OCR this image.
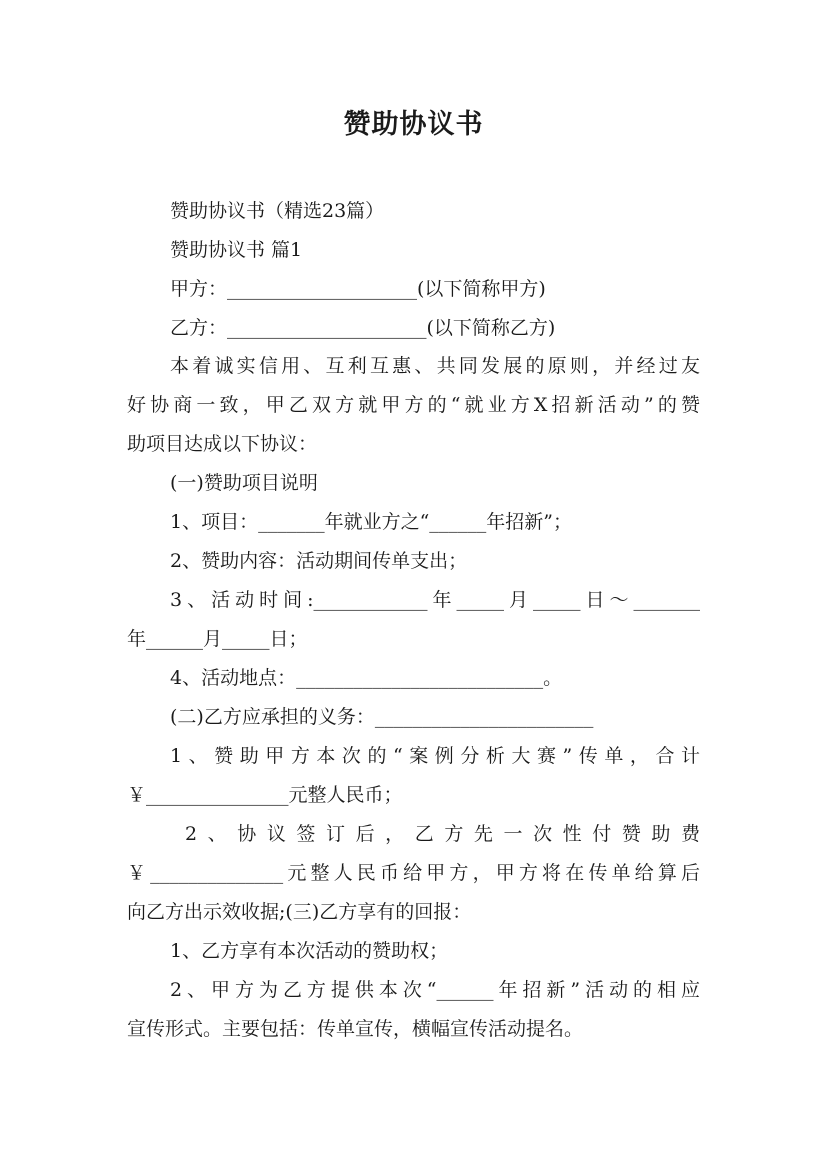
赞助协议书

赞助协议书（精选23篇）

赞助协议书 篇1

甲方：____________________(以下简称甲方)

乙方：_____________________(以下简称乙方)

本着诚实信用、互利互惠、共同发展的原则，并经过友

好协商一致，甲乙双方就甲方的“就业方X招新活动”的赞

助项目达成以下协议：

(一)赞助项目说明

1、项目：_______年就业方之“______年招新”；

2、赞助内容：活动期间传单支出；

3、活动时间:____________年_____月_____日～_______

年______月_____日；

4、活动地点：__________________________。

(二)乙方应承担的义务：_______________________

1、赞助甲方本次的“案例分析大赛”传单，合计

￥_______________元整人民币；

2、协议签订后，乙方先一次性付赞助费

￥______________元整人民币给甲方，甲方将在传单给算后

向乙方出示效收据;(三)乙方享有的回报：

1、乙方享有本次活动的赞助权；

2、甲方为乙方提供本次“______年招新”活动的相应

宣传形式。主要包括：传单宣传，横幅宣传活动提名。
